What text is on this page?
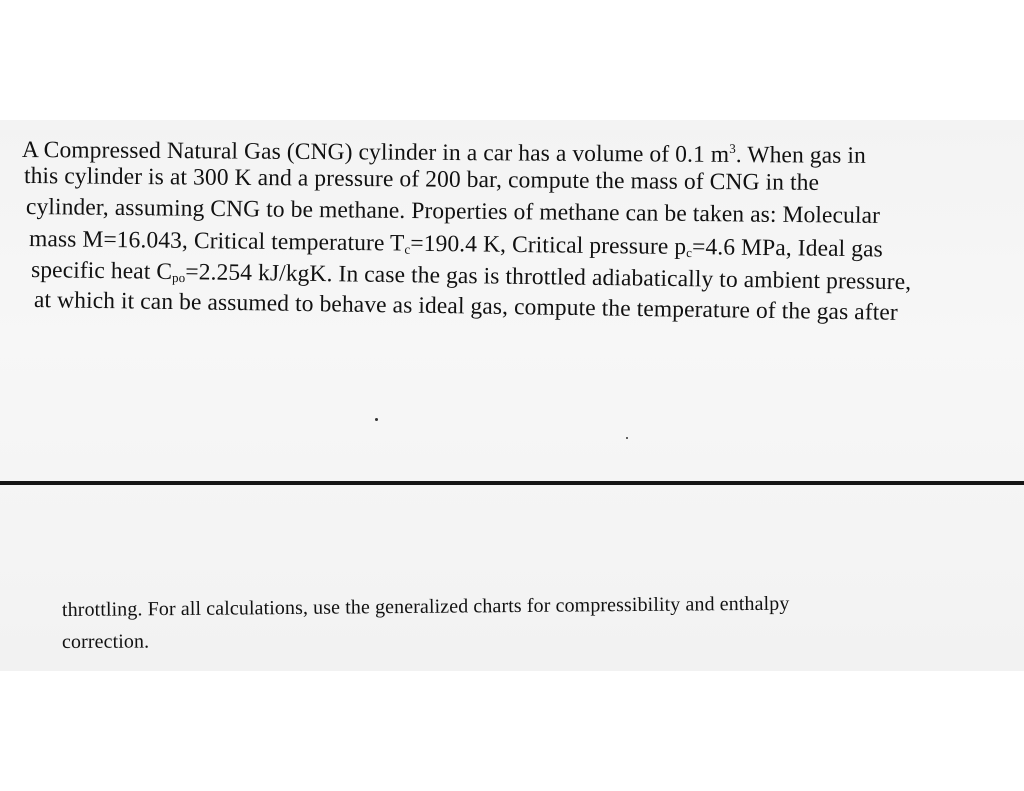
A Compressed Natural Gas (CNG) cylinder in a car has a volume of 0.1 $m^3$. When gas in
this cylinder is at 300 K and a pressure of 200 bar, compute the mass of CNG in the
cylinder, assuming CNG to be methane. Properties of methane can be taken as: Molecular
mass M=16.043, Critical temperature $T_c=190.4$ K, Critical pressure $p_c=4.6$ MPa, Ideal gas
specific heat $C_{po}=2.254$ kJ/kgK. In case the gas is throttled adiabatically to ambient pressure,
at which it can be assumed to behave as ideal gas, compute the temperature of the gas after
throttling. For all calculations, use the generalized charts for compressibility and enthalpy
correction.
